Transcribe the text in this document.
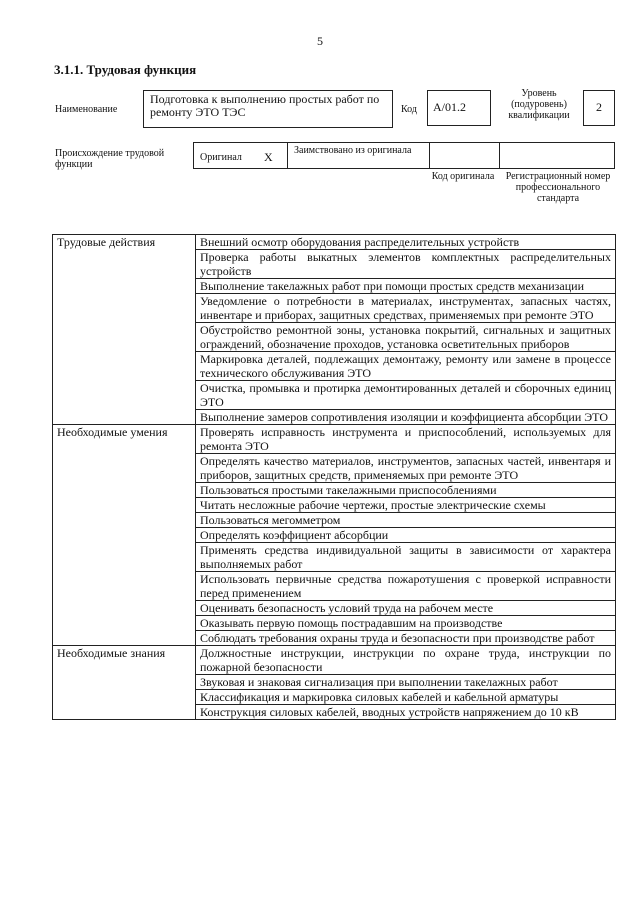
5
3.1.1. Трудовая функция
Наименование
Подготовка к выполнению простых работ по ремонту ЭТО ТЭС	Код	А/01.2
Уровень (подуровень) квалификации
2
Происхождение трудовой функции
Оригинал X Заимствовано из оригинала
Код оригинала	Регистрационный номер профессионального стандарта
Трудовые действия	Внешний осмотр оборудования распределительных устройств
	Проверка работы выкатных элементов комплектных распределительных устройств
	Выполнение такелажных работ при помощи простых средств механизации
	Уведомление о потребности в материалах, инструментах, запасных частях, инвентаре и приборах, защитных средствах, применяемых при ремонте ЭТО
	Обустройство ремонтной зоны, установка покрытий, сигнальных и защитных ограждений, обозначение проходов, установка осветительных приборов
	Маркировка деталей, подлежащих демонтажу, ремонту или замене в процессе технического обслуживания ЭТО
	Очистка, промывка и протирка демонтированных деталей и сборочных единиц ЭТО
	Выполнение замеров сопротивления изоляции и коэффициента абсорбции ЭТО
Необходимые умения	Проверять исправность инструмента и приспособлений, используемых для ремонта ЭТО
	Определять качество материалов, инструментов, запасных частей, инвентаря и приборов, защитных средств, применяемых при ремонте ЭТО
	Пользоваться простыми такелажными приспособлениями
	Читать несложные рабочие чертежи, простые электрические схемы
	Пользоваться мегомметром
	Определять коэффициент абсорбции
	Применять средства индивидуальной защиты в зависимости от характера выполняемых работ
	Использовать первичные средства пожаротушения с проверкой исправности перед применением
	Оценивать безопасность условий труда на рабочем месте
	Оказывать первую помощь пострадавшим на производстве
	Соблюдать требования охраны труда и безопасности при производстве работ
Необходимые знания	Должностные инструкции, инструкции по охране труда, инструкции по пожарной безопасности
	Звуковая и знаковая сигнализация при выполнении такелажных работ
	Классификация и маркировка силовых кабелей и кабельной арматуры
	Конструкция силовых кабелей, вводных устройств напряжением до 10 кВ
